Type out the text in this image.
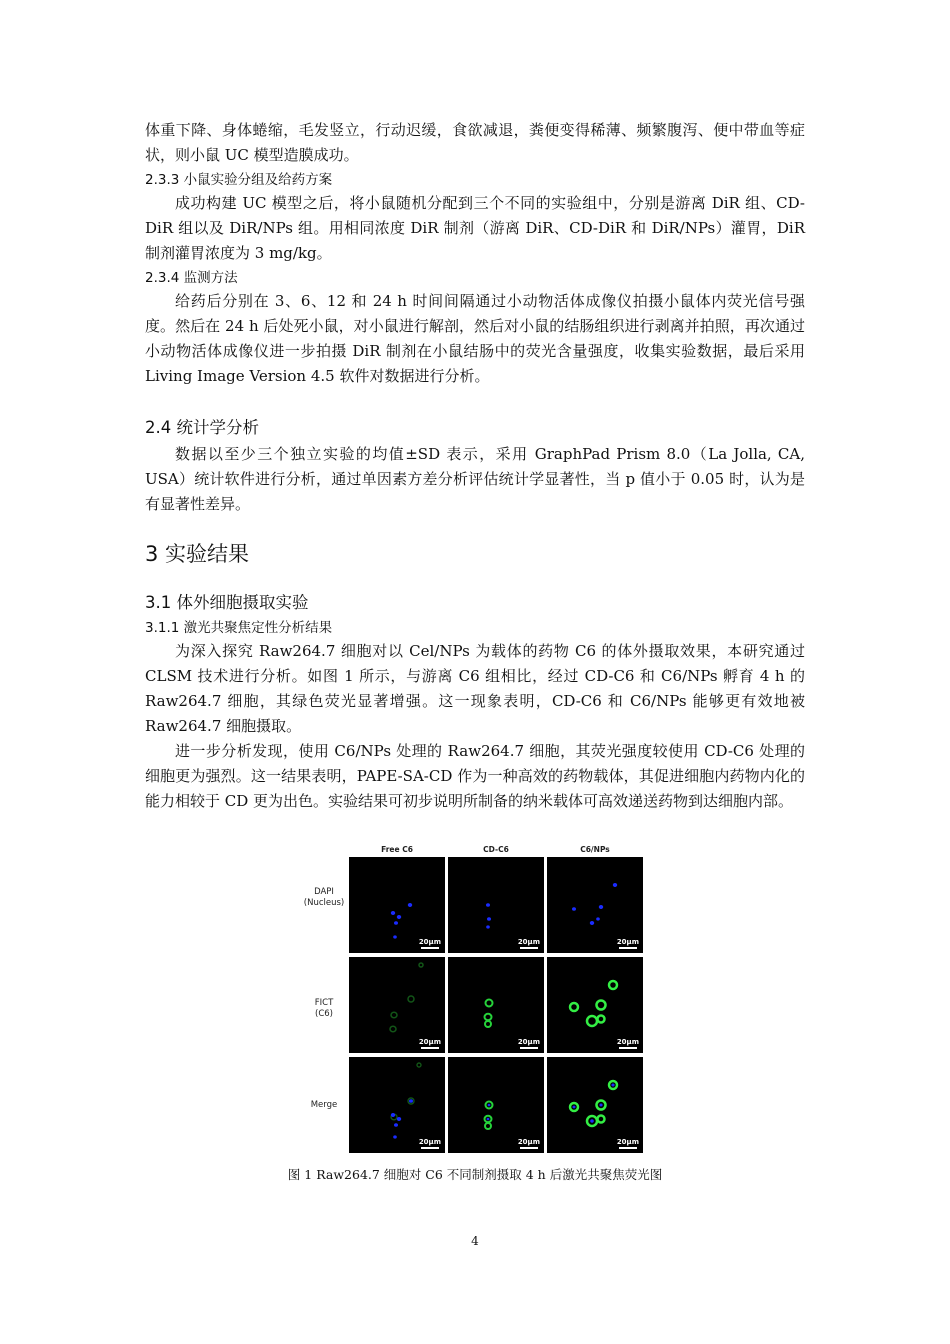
体重下降、身体蜷缩，毛发竖立，行动迟缓，食欲减退，粪便变得稀薄、频繁腹泻、便中带血等症状，则小鼠 UC 模型造膜成功。

2.3.3 小鼠实验分组及给药方案

成功构建 UC 模型之后，将小鼠随机分配到三个不同的实验组中，分别是游离 DiR 组、CD-DiR 组以及 DiR/NPs 组。用相同浓度 DiR 制剂（游离 DiR、CD-DiR 和 DiR/NPs）灌胃，DiR 制剂灌胃浓度为 3 mg/kg。

2.3.4 监测方法

给药后分别在 3、6、12 和 24 h 时间间隔通过小动物活体成像仪拍摄小鼠体内荧光信号强度。然后在 24 h 后处死小鼠，对小鼠进行解剖，然后对小鼠的结肠组织进行剥离并拍照，再次通过小动物活体成像仪进一步拍摄 DiR 制剂在小鼠结肠中的荧光含量强度，收集实验数据，最后采用 Living Image Version 4.5 软件对数据进行分析。

2.4 统计学分析

数据以至少三个独立实验的均值±SD 表示，采用 GraphPad Prism 8.0（La Jolla, CA, USA）统计软件进行分析，通过单因素方差分析评估统计学显著性，当 p 值小于 0.05 时，认为是有显著性差异。

3 实验结果

3.1 体外细胞摄取实验

3.1.1 激光共聚焦定性分析结果

为深入探究 Raw264.7 细胞对以 Cel/NPs 为载体的药物 C6 的体外摄取效果，本研究通过 CLSM 技术进行分析。如图 1 所示，与游离 C6 组相比，经过 CD-C6 和 C6/NPs 孵育 4 h 的 Raw264.7 细胞，其绿色荧光显著增强。这一现象表明，CD-C6 和 C6/NPs 能够更有效地被 Raw264.7 细胞摄取。

进一步分析发现，使用 C6/NPs 处理的 Raw264.7 细胞，其荧光强度较使用 CD-C6 处理的细胞更为强烈。这一结果表明，PAPE-SA-CD 作为一种高效的药物载体，其促进细胞内药物内化的能力相较于 CD 更为出色。实验结果可初步说明所制备的纳米载体可高效递送药物到达细胞内部。

Free C6	CD-C6	C6/NPs
DAPI
(Nucleus)
FICT
(C6)
Merge
20μm	20μm	20μm
20μm	20μm	20μm
20μm	20μm	20μm

图 1 Raw264.7 细胞对 C6 不同制剂摄取 4 h 后激光共聚焦荧光图

4
